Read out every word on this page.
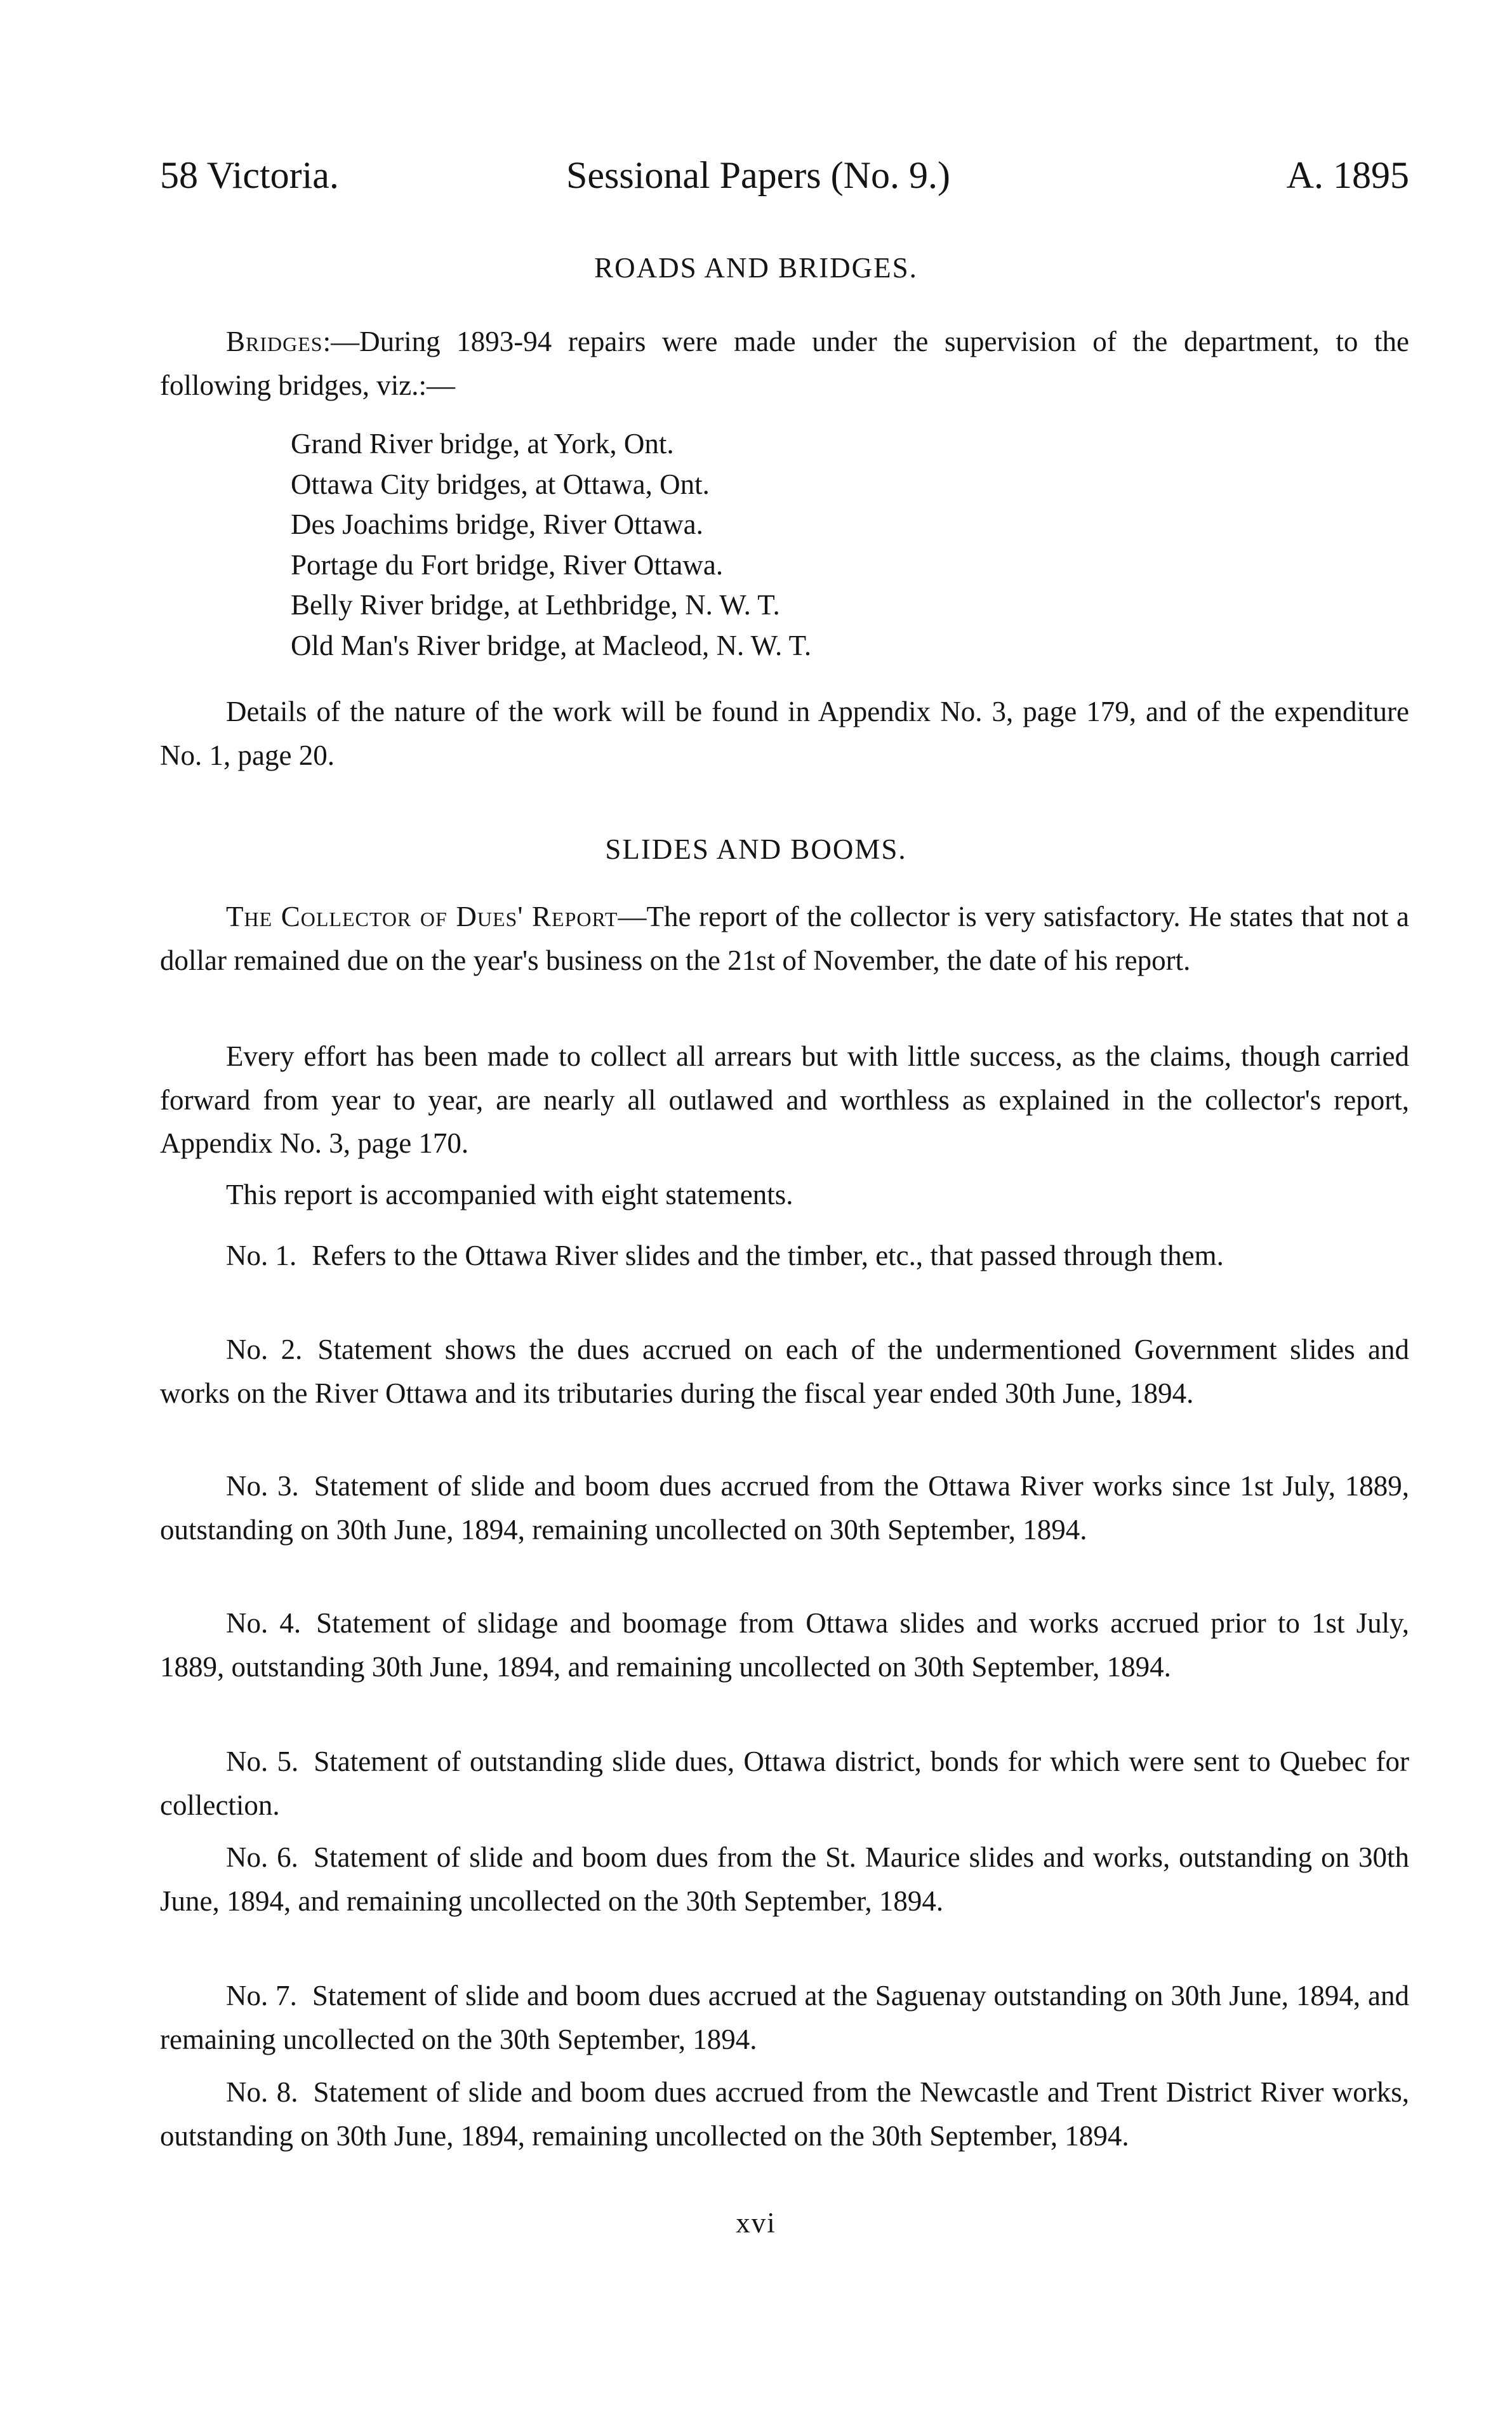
58 Victoria.	Sessional Papers (No. 9.)	A. 1895
ROADS AND BRIDGES.

Bridges:—During 1893-94 repairs were made under the supervision of the department, to the following bridges, viz.:—

Grand River bridge, at York, Ont.
Ottawa City bridges, at Ottawa, Ont.
Des Joachims bridge, River Ottawa.
Portage du Fort bridge, River Ottawa.
Belly River bridge, at Lethbridge, N. W. T.
Old Man's River bridge, at Macleod, N. W. T.

Details of the nature of the work will be found in Appendix No. 3, page 179, and of the expenditure No. 1, page 20.

SLIDES AND BOOMS.

The Collector of Dues' Report—The report of the collector is very satisfactory. He states that not a dollar remained due on the year's business on the 21st of November, the date of his report.

Every effort has been made to collect all arrears but with little success, as the claims, though carried forward from year to year, are nearly all outlawed and worthless as explained in the collector's report, Appendix No. 3, page 170.

This report is accompanied with eight statements.

No. 1. Refers to the Ottawa River slides and the timber, etc., that passed through them.

No. 2. Statement shows the dues accrued on each of the undermentioned Government slides and works on the River Ottawa and its tributaries during the fiscal year ended 30th June, 1894.

No. 3. Statement of slide and boom dues accrued from the Ottawa River works since 1st July, 1889, outstanding on 30th June, 1894, remaining uncollected on 30th September, 1894.

No. 4. Statement of slidage and boomage from Ottawa slides and works accrued prior to 1st July, 1889, outstanding 30th June, 1894, and remaining uncollected on 30th September, 1894.

No. 5. Statement of outstanding slide dues, Ottawa district, bonds for which were sent to Quebec for collection.

No. 6. Statement of slide and boom dues from the St. Maurice slides and works, outstanding on 30th June, 1894, and remaining uncollected on the 30th September, 1894.

No. 7. Statement of slide and boom dues accrued at the Saguenay outstanding on 30th June, 1894, and remaining uncollected on the 30th September, 1894.

No. 8. Statement of slide and boom dues accrued from the Newcastle and Trent District River works, outstanding on 30th June, 1894, remaining uncollected on the 30th September, 1894.

xvi
